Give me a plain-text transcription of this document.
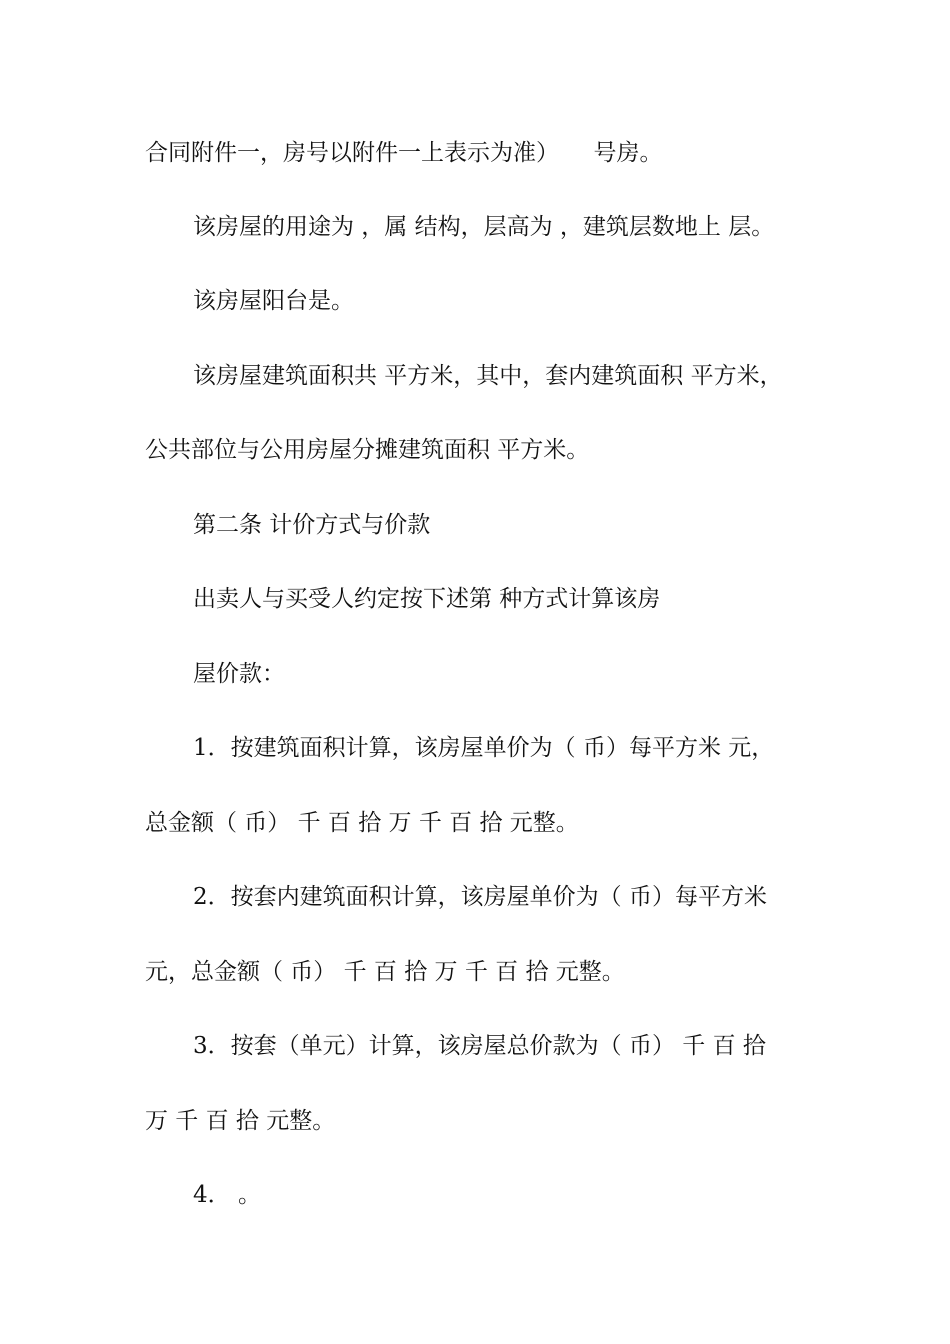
合同附件一，房号以附件一上表示为准）　　号房。

该房屋的用途为 ，属 结构，层高为 ，建筑层数地上 层。

该房屋阳台是。

该房屋建筑面积共 平方米，其中，套内建筑面积 平方米，

公共部位与公用房屋分摊建筑面积 平方米。

第二条 计价方式与价款

出卖人与买受人约定按下述第 种方式计算该房

屋价款：

1．按建筑面积计算，该房屋单价为（ 币）每平方米 元，

总金额（ 币） 千 百 拾 万 千 百 拾 元整。

2．按套内建筑面积计算，该房屋单价为（ 币）每平方米

元，总金额（ 币） 千 百 拾 万 千 百 拾 元整。

3．按套（单元）计算，该房屋总价款为（ 币） 千 百 拾

万 千 百 拾 元整。

4． 。
